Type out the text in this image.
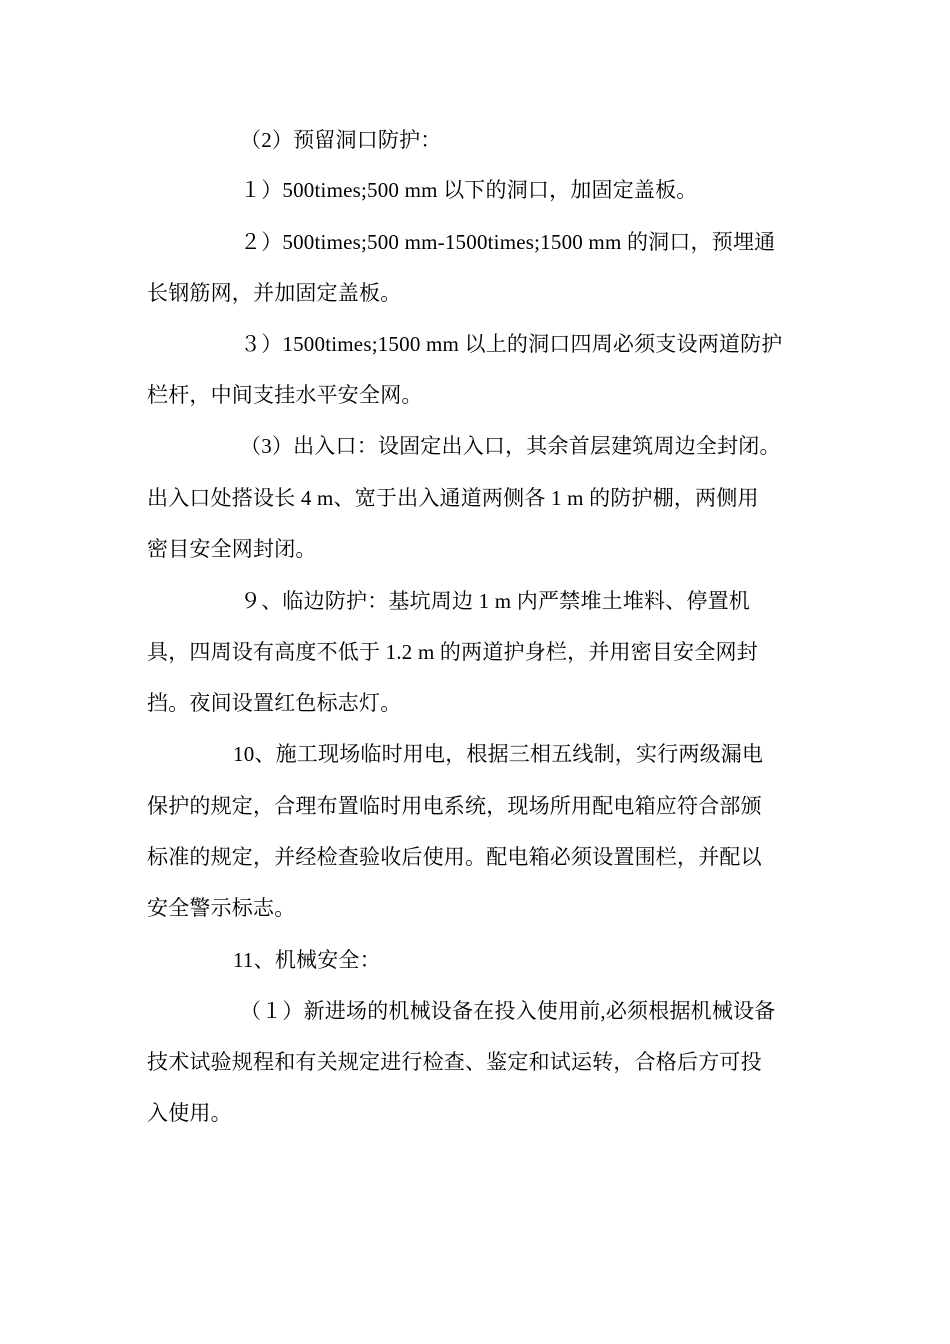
（2）预留洞口防护：
１）500times;500 mm 以下的洞口，加固定盖板。
２）500times;500 mm-1500times;1500 mm 的洞口，预埋通
长钢筋网，并加固定盖板。
３）1500times;1500 mm 以上的洞口四周必须支设两道防护
栏杆，中间支挂水平安全网。
（3）出入口：设固定出入口，其余首层建筑周边全封闭。
出入口处搭设长 4 m、宽于出入通道两侧各 1 m 的防护棚，两侧用
密目安全网封闭。
９、临边防护：基坑周边 1 m 内严禁堆土堆料、停置机
具，四周设有高度不低于 1.2 m 的两道护身栏，并用密目安全网封
挡。夜间设置红色标志灯。
10、施工现场临时用电，根据三相五线制，实行两级漏电
保护的规定，合理布置临时用电系统，现场所用配电箱应符合部颁
标准的规定，并经检查验收后使用。配电箱必须设置围栏，并配以
安全警示标志。
11、机械安全：
（１）新进场的机械设备在投入使用前,必须根据机械设备
技术试验规程和有关规定进行检查、鉴定和试运转，合格后方可投
入使用。
